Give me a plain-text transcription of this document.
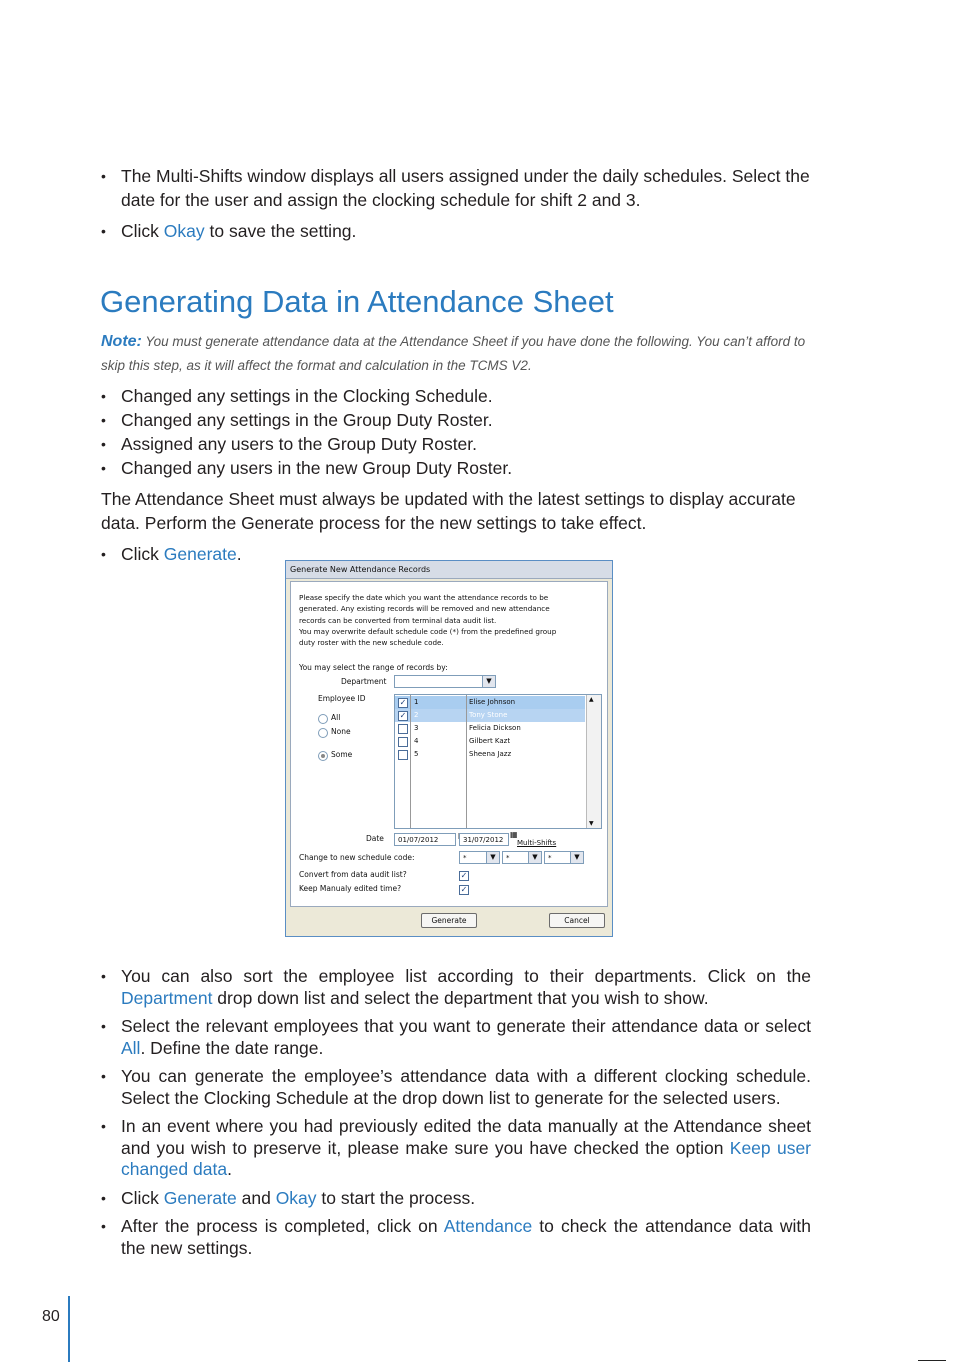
• The Multi-Shifts window displays all users assigned under the daily schedules. Select the date for the user and assign the clocking schedule for shift 2 and 3.
• Click Okay to save the setting.
Generating Data in Attendance Sheet

Note: You must generate attendance data at the Attendance Sheet if you have done the following. You can’t afford to skip this step, as it will affect the format and calculation in the TCMS V2.

• Changed any settings in the Clocking Schedule.
• Changed any settings in the Group Duty Roster.
• Assigned any users to the Group Duty Roster.
• Changed any users in the new Group Duty Roster.

The Attendance Sheet must always be updated with the latest settings to display accurate data. Perform the Generate process for the new settings to take effect.

• Click Generate.
Generate New Attendance Records
Please specify the date which you want the attendance records to be
generated. Any existing records will be removed and new attendance
records can be converted from terminal data audit list.
You may overwrite default schedule code (*) from the predefined group
duty roster with the new schedule code.
You may select the range of records by:
Department	▼
Employee ID
All
None
Some
✓ 1	Elise Johnson
✓ 2	Tony Stone
3	Felicia Dickson
4	Gilbert Kazt
5	Sheena Jazz
▲
▼
Date 01/07/2012	31/07/2012
▦
Multi-Shifts
Change to new schedule code:	*	▼	*	▼	*	▼
Convert from data audit list?	✓
Keep Manualy edited time?	✓
Generate	Cancel
• You can also sort the employee list according to their departments. Click on the Department drop down list and select the department that you wish to show.
• Select the relevant employees that you want to generate their attendance data or select All. Define the date range.
• You can generate the employee’s attendance data with a different clocking schedule. Select the Clocking Schedule at the drop down list to generate for the selected users.
• In an event where you had previously edited the data manually at the Attendance sheet and you wish to preserve it, please make sure you have checked the option Keep user changed data.
• Click Generate and Okay to start the process.
• After the process is completed, click on Attendance to check the attendance data with the new settings.
80
